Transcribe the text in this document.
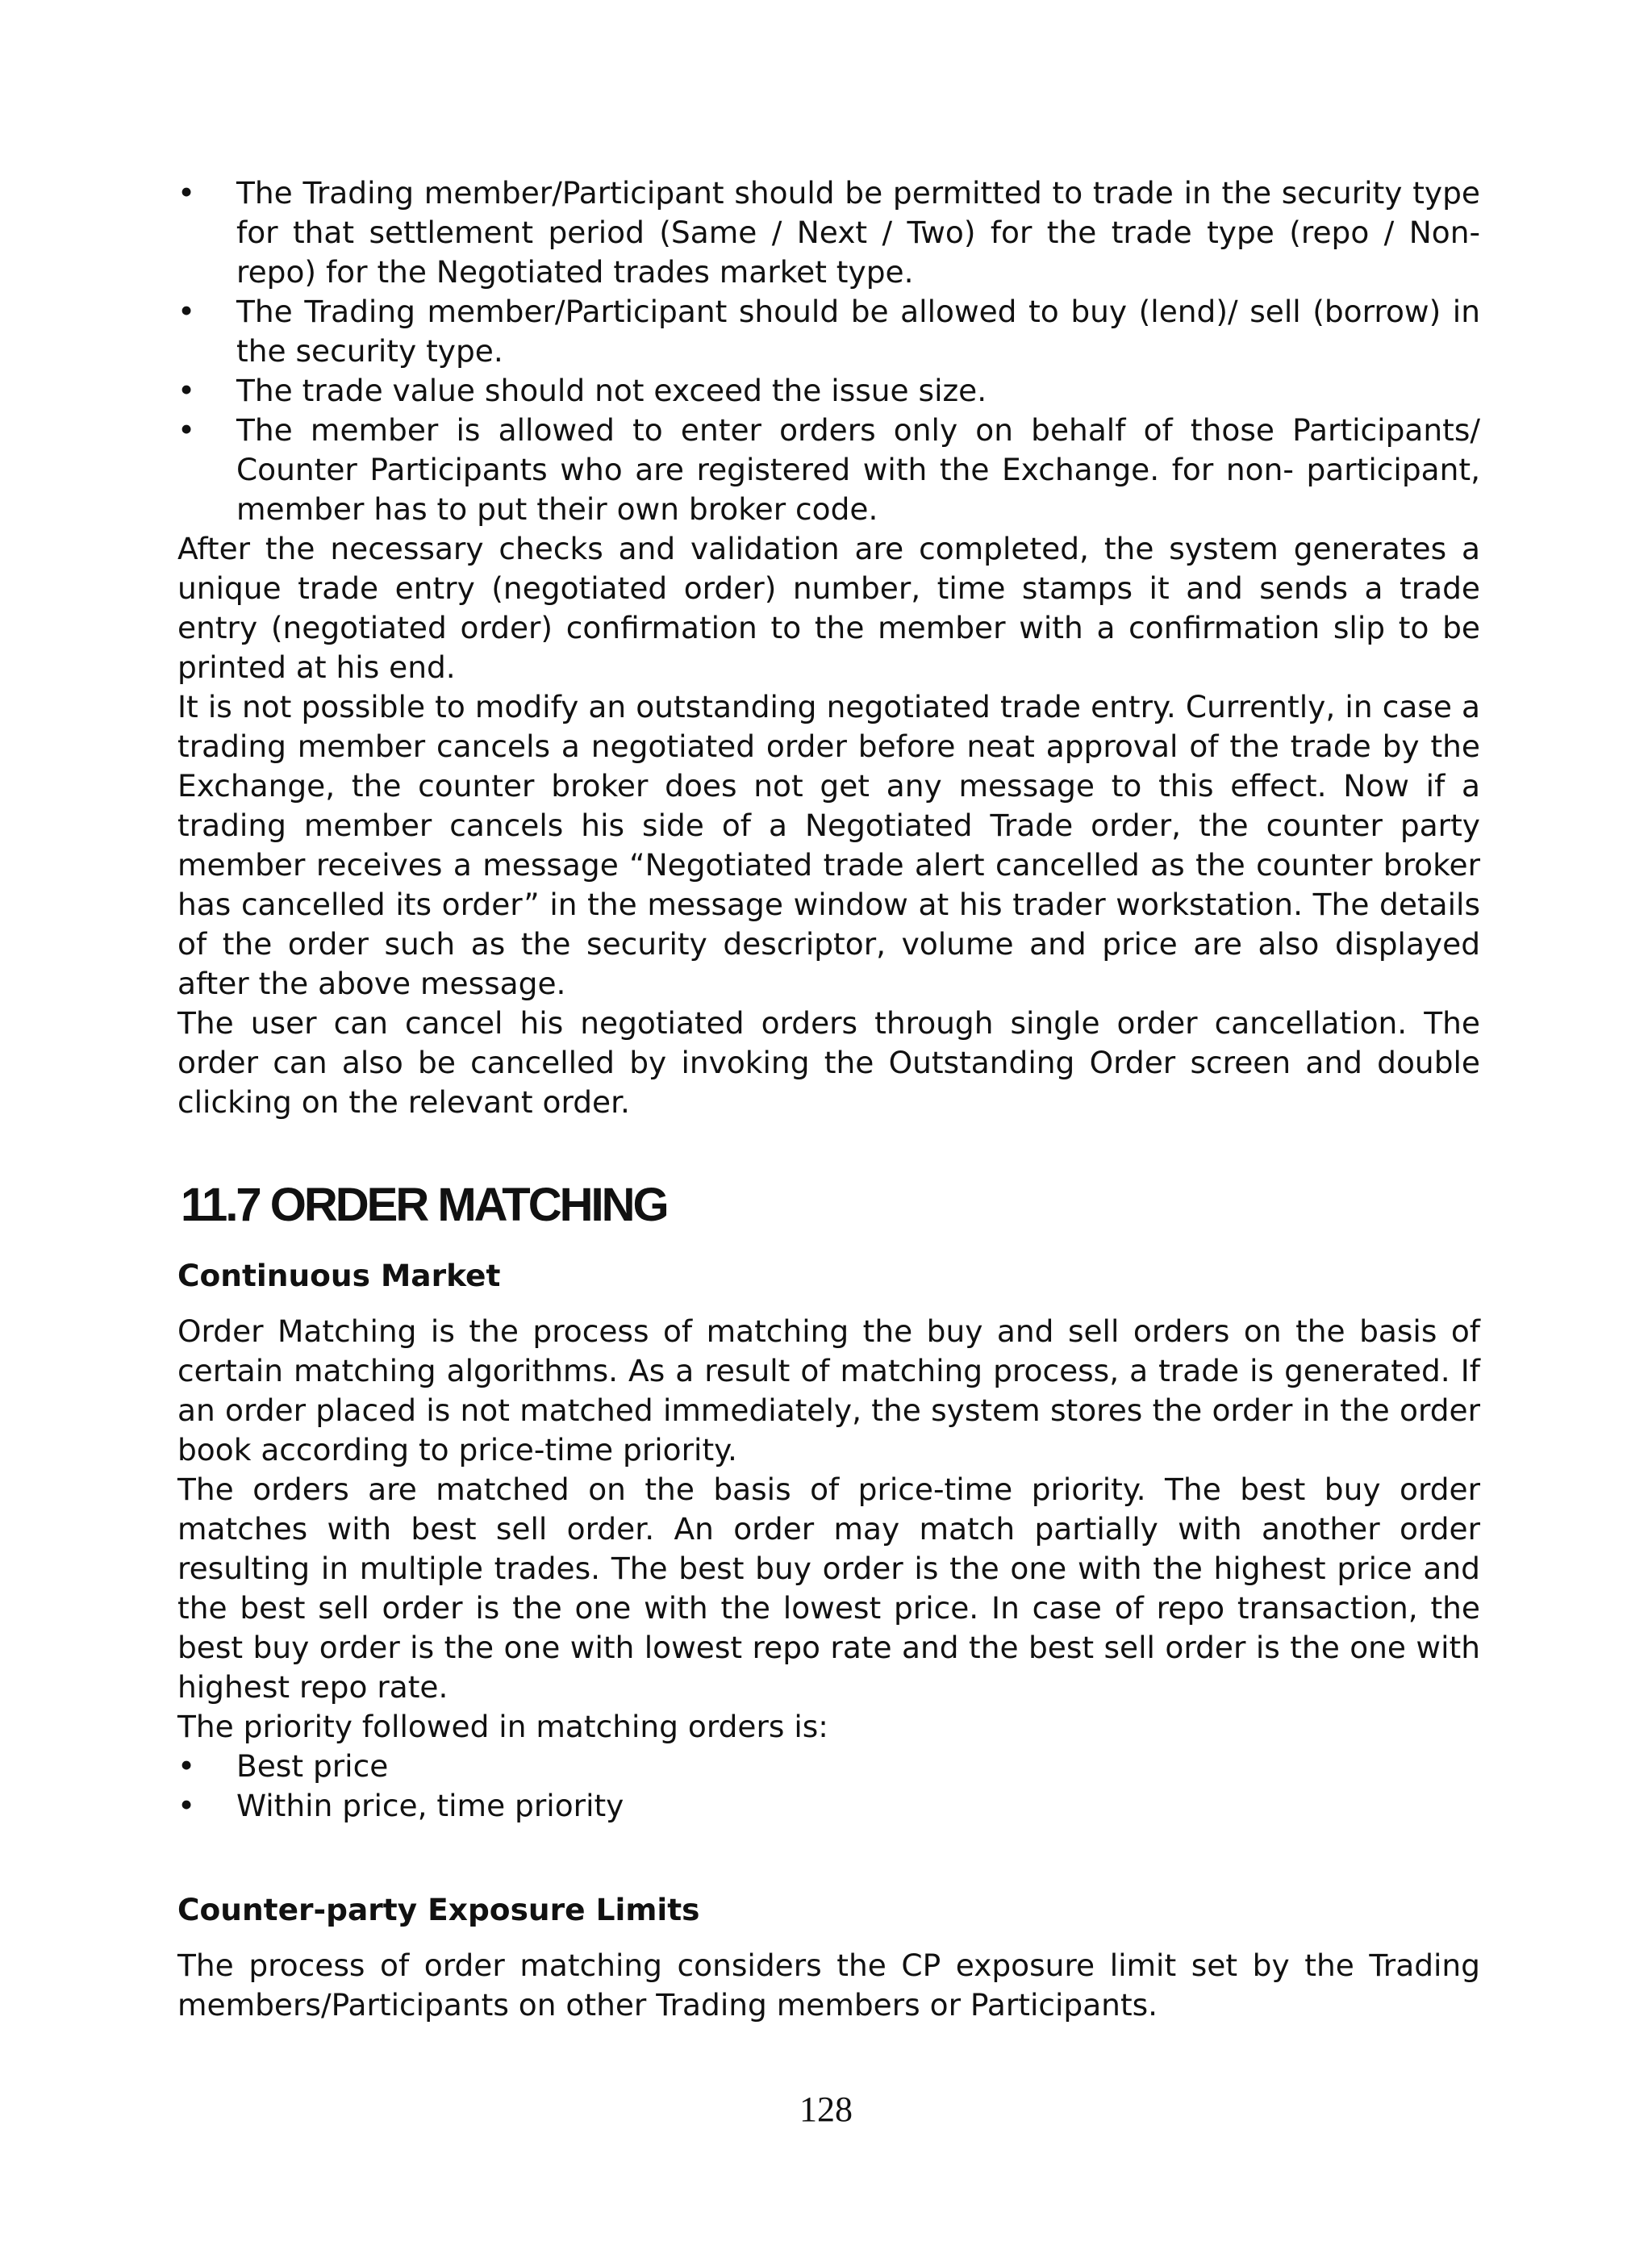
• The Trading member/Participant should be permitted to trade in the security type for that settlement period (Same / Next / Two) for the trade type (repo / Non-repo) for the Negotiated trades market type.
• The Trading member/Participant should be allowed to buy (lend)/ sell (borrow) in the security type.
• The trade value should not exceed the issue size.
• The member is allowed to enter orders only on behalf of those Participants/ Counter Participants who are registered with the Exchange. for non- participant, member has to put their own broker code.

After the necessary checks and validation are completed, the system generates a unique trade entry (negotiated order) number, time stamps it and sends a trade entry (negotiated order) confirmation to the member with a confirmation slip to be printed at his end.

It is not possible to modify an outstanding negotiated trade entry. Currently, in case a trading member cancels a negotiated order before neat approval of the trade by the Exchange, the counter broker does not get any message to this effect. Now if a trading member cancels his side of a Negotiated Trade order, the counter party member receives a message “Negotiated trade alert cancelled as the counter broker has cancelled its order” in the message window at his trader workstation. The details of the order such as the security descriptor, volume and price are also displayed after the above message.

The user can cancel his negotiated orders through single order cancellation. The order can also be cancelled by invoking the Outstanding Order screen and double clicking on the relevant order.

11.7 ORDER MATCHING
Continuous Market

Order Matching is the process of matching the buy and sell orders on the basis of certain matching algorithms. As a result of matching process, a trade is generated. If an order placed is not matched immediately, the system stores the order in the order book according to price-time priority.

The orders are matched on the basis of price-time priority. The best buy order matches with best sell order. An order may match partially with another order resulting in multiple trades. The best buy order is the one with the highest price and the best sell order is the one with the lowest price. In case of repo transaction, the best buy order is the one with lowest repo rate and the best sell order is the one with highest repo rate.

The priority followed in matching orders is:

• Best price
• Within price, time priority
Counter-party Exposure Limits

The process of order matching considers the CP exposure limit set by the Trading members/Participants on other Trading members or Participants.

128
